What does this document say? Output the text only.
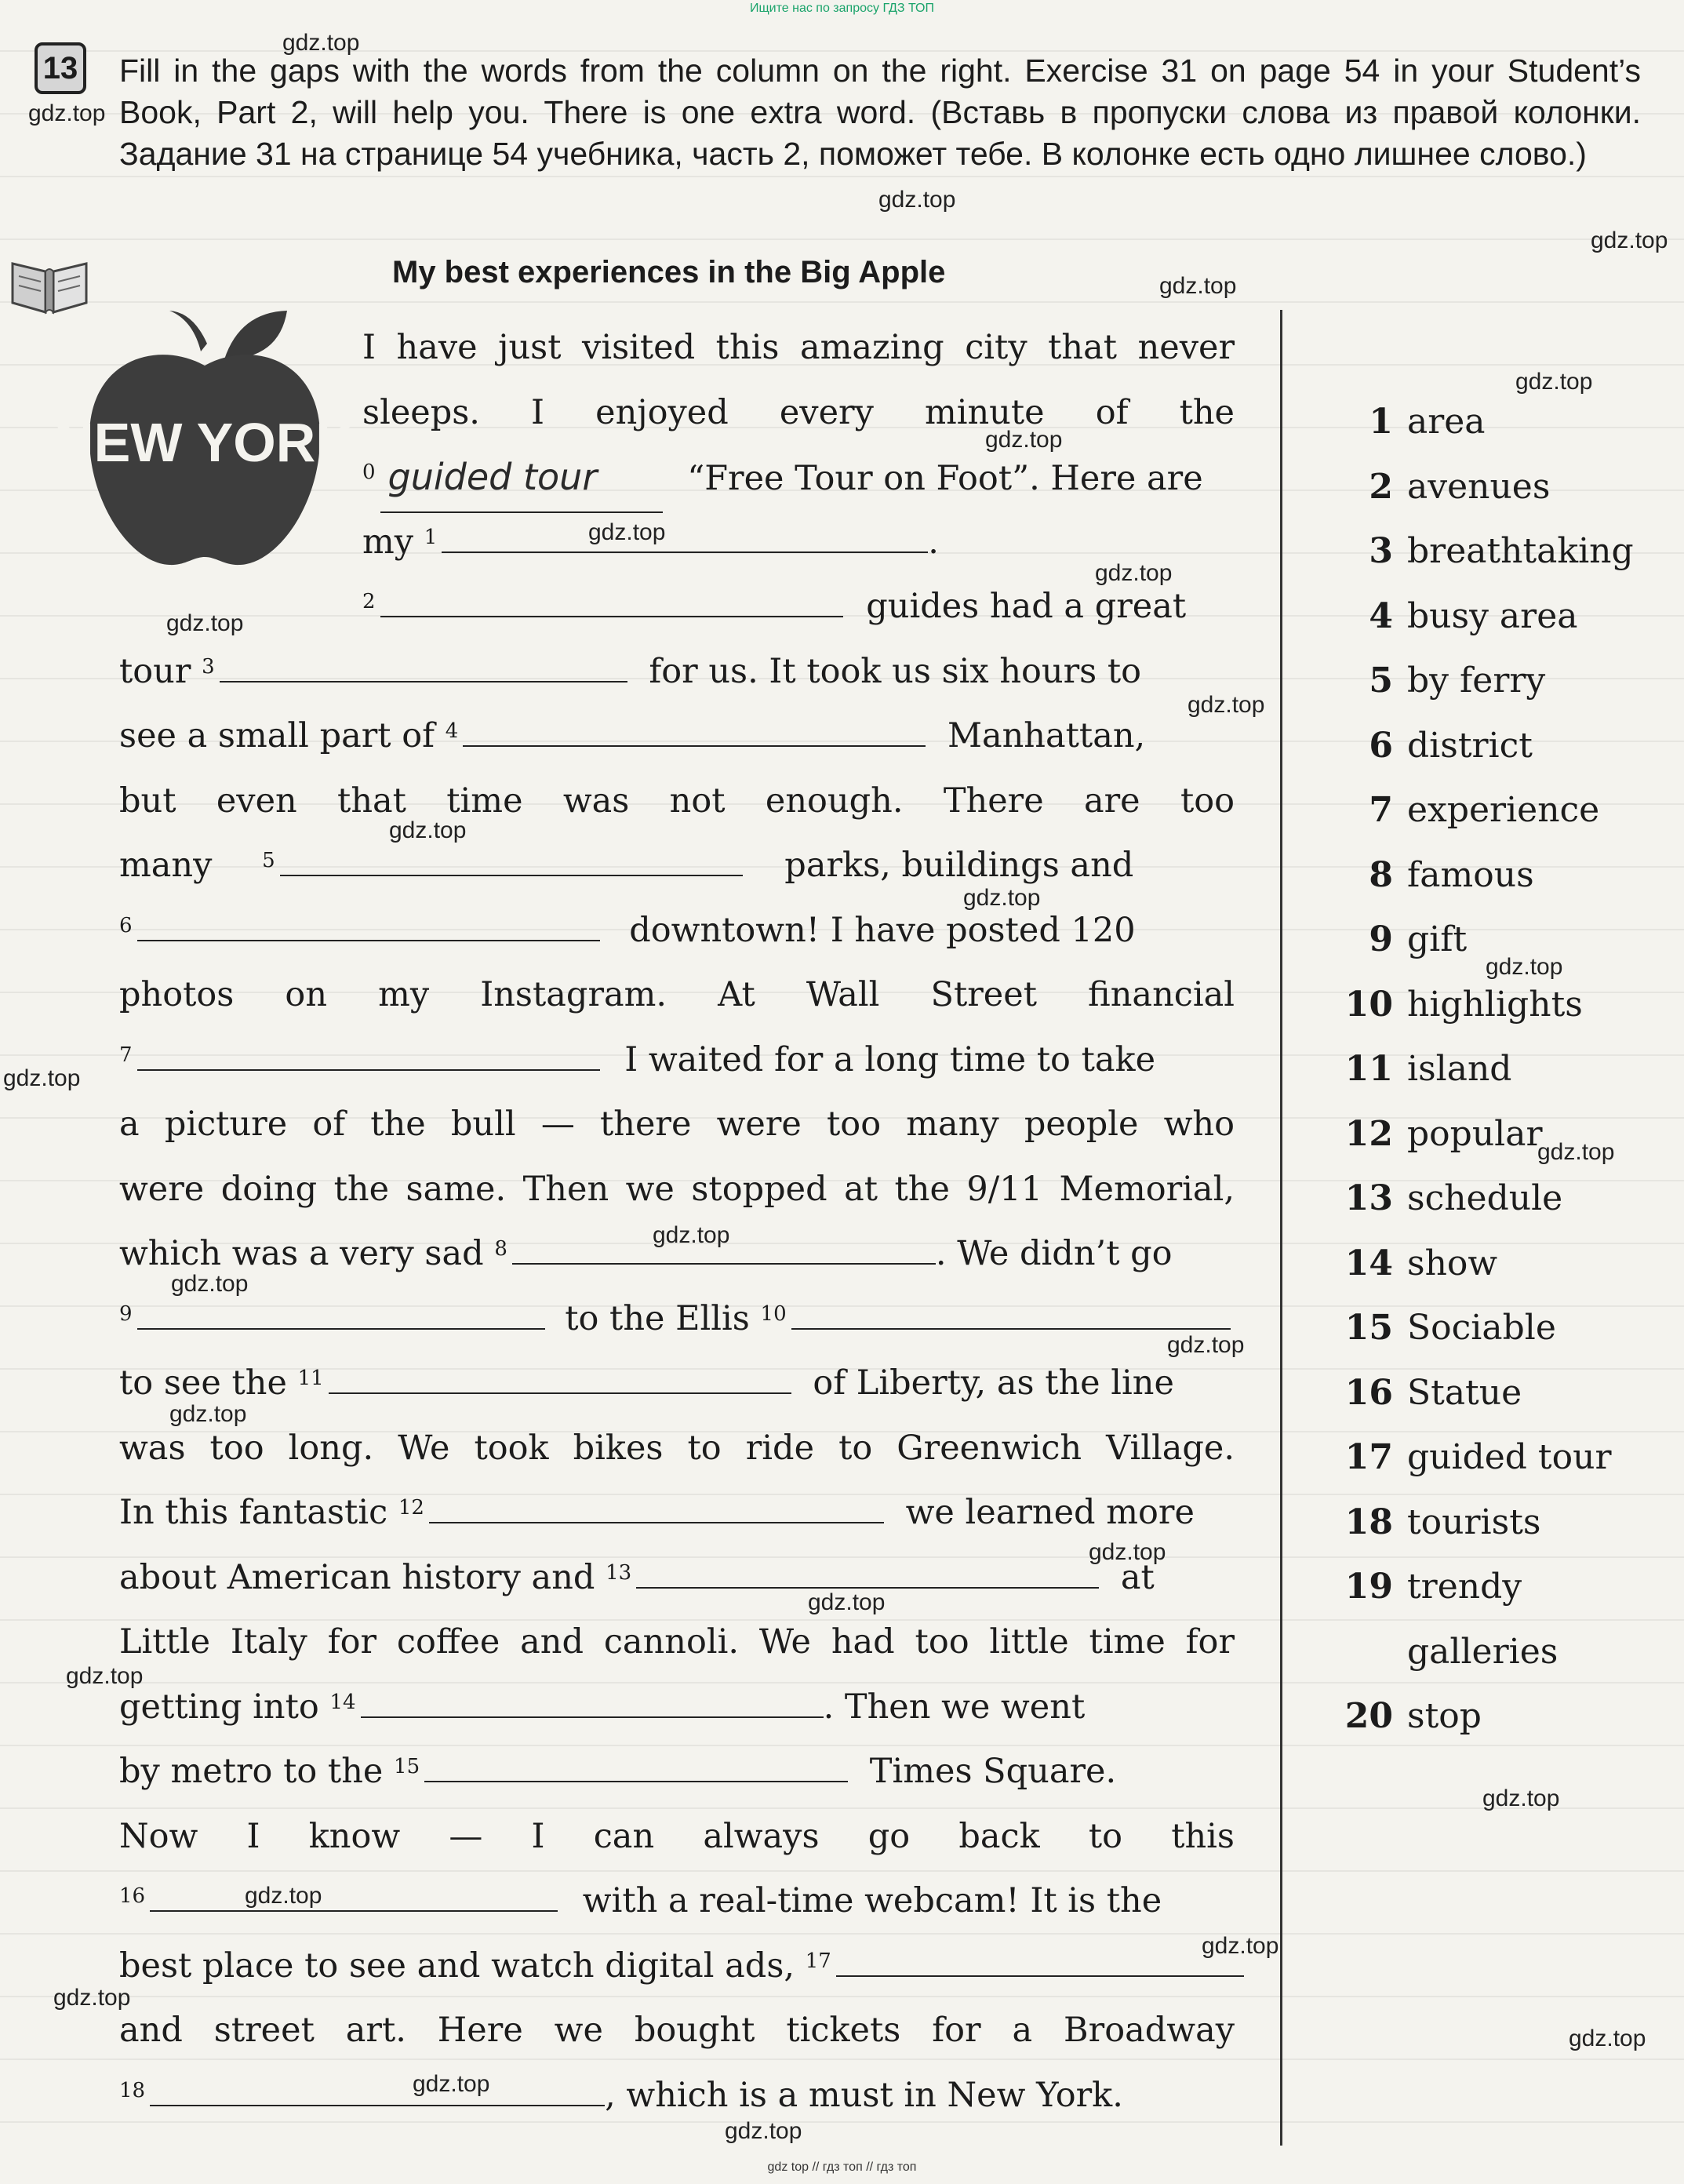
Ищите нас по запросу ГДЗ ТОП
13 Fill in the gaps with the words from the column on the right. Exercise 31 on page 54 in your Student’s Book, Part 2, will help you. There is one extra word. (Вставь в пропуски слова из правой колонки. Задание 31 на странице 54 учебника, часть 2, поможет тебе. В колонке есть одно лишнее слово.)
My best experiences in the Big Apple
NEW YORK
I have just visited this amazing city that never
sleeps. I enjoyed every minute of the
$^0$ guided tour	“Free Tour on Foot”. Here are
my $^1$	.
$^2$	guides had a great
tour $^3$	for us. It took us six hours to
see a small part of $^4$	Manhattan,
but even that time was not enough. There are too
many $^5$	parks, buildings and
$^6$	downtown! I have posted 120
photos on my Instagram. At Wall Street financial
$^7$	I waited for a long time to take
a picture of the bull — there were too many people who
were doing the same. Then we stopped at the 9/11 Memorial,
which was a very sad $^8$	. We didn’t go
$^9$	to the Ellis $^{10}$
to see the $^{11}$	of Liberty, as the line
was too long. We took bikes to ride to Greenwich Village.
In this fantastic $^{12}$	we learned more
about American history and $^{13}$	at
Little Italy for coffee and cannoli. We had too little time for
getting into $^{14}$	. Then we went
by metro to the $^{15}$	Times Square.
Now I know — I can always go back to this
$^{16}$	with a real-time webcam! It is the
best place to see and watch digital ads, $^{17}$
and street art. Here we bought tickets for a Broadway
$^{18}$	, which is a must in New York.
1 area
2 avenues
3 breathtaking
4 busy area
5 by ferry
6 district
7 experience
8 famous
9 gift
10 highlights
11 island
12 popular
13 schedule
14 show
15 Sociable
16 Statue
17 guided tour
18 tourists
19 trendy
galleries
20 stop
gdz.top
gdz.top
gdz.top
gdz.top
gdz.top
gdz.top
gdz.top
gdz.top
gdz.top
gdz.top
gdz.top
gdz.top
gdz.top
gdz.top
gdz.top
gdz.top
gdz.top
gdz.top
gdz.top
gdz.top
gdz.top
gdz.top
gdz.top
gdz.top
gdz.top
gdz.top
gdz.top
gdz.top
gdz.top
gdz.top
gdz top // гдз топ // гдз топ
